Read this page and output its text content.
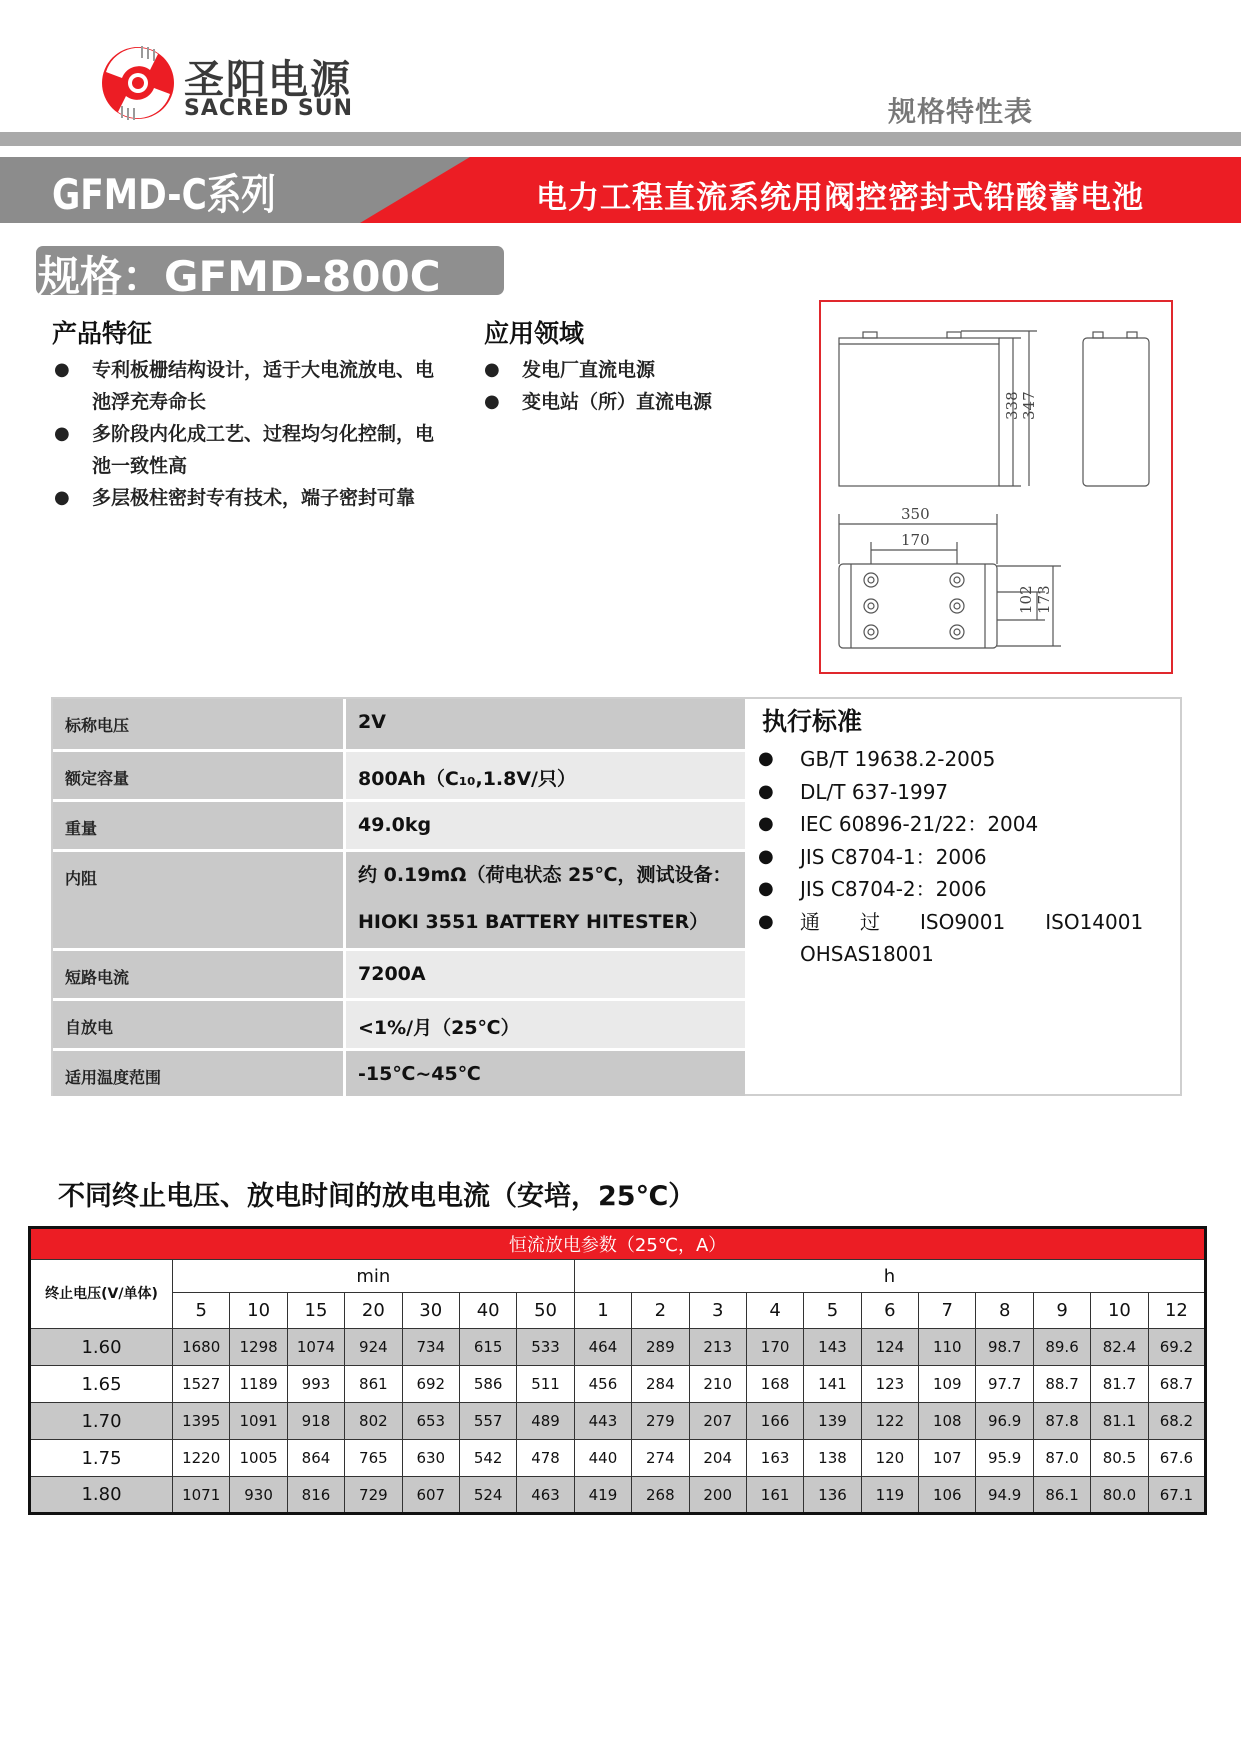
圣阳电源
SACRED SUN	规格特性表
GFMD-C系列	电力工程直流系统用阀控密封式铅酸蓄电池
规格：GFMD-800C
产品特征
● 专利板栅结构设计，适于大电流放电、电池浮充寿命长
● 多阶段内化成工艺、过程均匀化控制，电池一致性高
● 多层极柱密封专有技术，端子密封可靠
应用领域
● 发电厂直流电源
● 变电站（所）直流电源	338 347
350
170
102 173
标称电压	2V
额定容量	800Ah（C₁₀,1.8V/只）
重量	49.0kg
内阻	约 0.19mΩ（荷电状态 25℃，测试设备：
HIOKI 3551 BATTERY HITESTER）
短路电流	7200A
自放电	<1%/月（25℃）
适用温度范围	-15℃~45℃
执行标准
● GB/T 19638.2-2005
● DL/T 637-1997
● IEC 60896-21/22：2004
● JIS C8704-1：2006
● JIS C8704-2：2006
● 通　　过　　ISO9001　　ISO14001 OHSAS18001
不同终止电压、放电时间的放电电流（安培，25℃）
恒流放电参数（25℃，A）																		
终止电压(V/单体)	min							h										
	5	10	15	20	30	40	50	1	2	3	4	5	6	7	8	9	10	12
1.60	1680	1298	1074	924	734	615	533	464	289	213	170	143	124	110	98.7	89.6	82.4	69.2
1.65	1527	1189	993	861	692	586	511	456	284	210	168	141	123	109	97.7	88.7	81.7	68.7
1.70	1395	1091	918	802	653	557	489	443	279	207	166	139	122	108	96.9	87.8	81.1	68.2
1.75	1220	1005	864	765	630	542	478	440	274	204	163	138	120	107	95.9	87.0	80.5	67.6
1.80	1071	930	816	729	607	524	463	419	268	200	161	136	119	106	94.9	86.1	80.0	67.1
